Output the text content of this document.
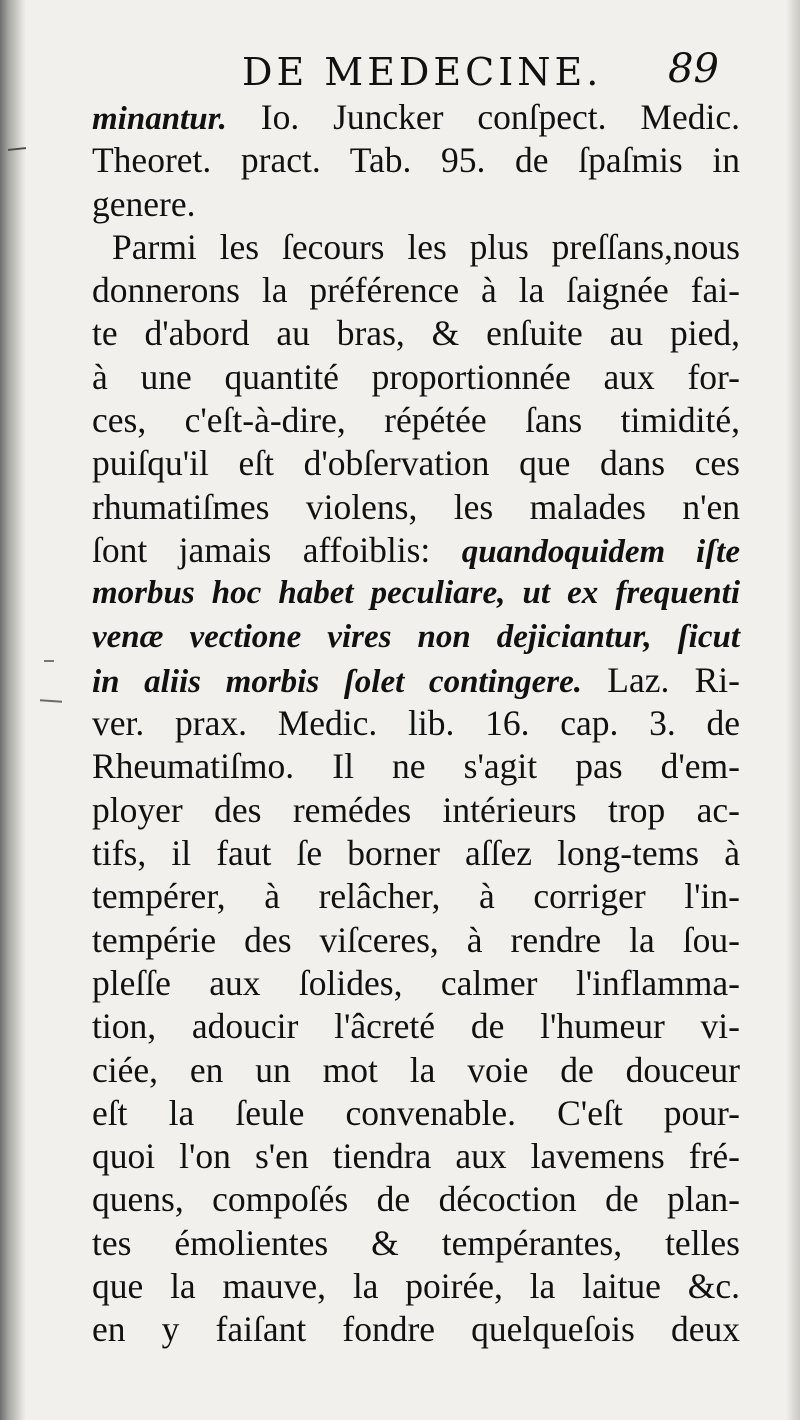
DE MEDECINE. 89
minantur. Io. Juncker conſpect. Medic.
Theoret. pract. Tab. 95. de ſpaſmis in
genere.
Parmi les ſecours les plus preſſans,nous
donnerons la préférence à la ſaignée fai-
te d'abord au bras, & enſuite au pied,
à une quantité proportionnée aux for-
ces, c'eſt-à-dire, répétée ſans timidité,
puiſqu'il eſt d'obſervation que dans ces
rhumatiſmes violens, les malades n'en
ſont jamais affoiblis: quandoquidem iſte
morbus hoc habet peculiare, ut ex frequenti
venæ vectione vires non dejiciantur, ſicut
in aliis morbis ſolet contingere. Laz. Ri-
ver. prax. Medic. lib. 16. cap. 3. de
Rheumatiſmo. Il ne s'agit pas d'em-
ployer des remédes intérieurs trop ac-
tifs, il faut ſe borner aſſez long-tems à
tempérer, à relâcher, à corriger l'in-
tempérie des viſceres, à rendre la ſou-
pleſſe aux ſolides, calmer l'inflamma-
tion, adoucir l'âcreté de l'humeur vi-
ciée, en un mot la voie de douceur
eſt la ſeule convenable. C'eſt pour-
quoi l'on s'en tiendra aux lavemens fré-
quens, compoſés de décoction de plan-
tes émolientes & tempérantes, telles
que la mauve, la poirée, la laitue &c.
en y faiſant fondre quelqueſois deux
